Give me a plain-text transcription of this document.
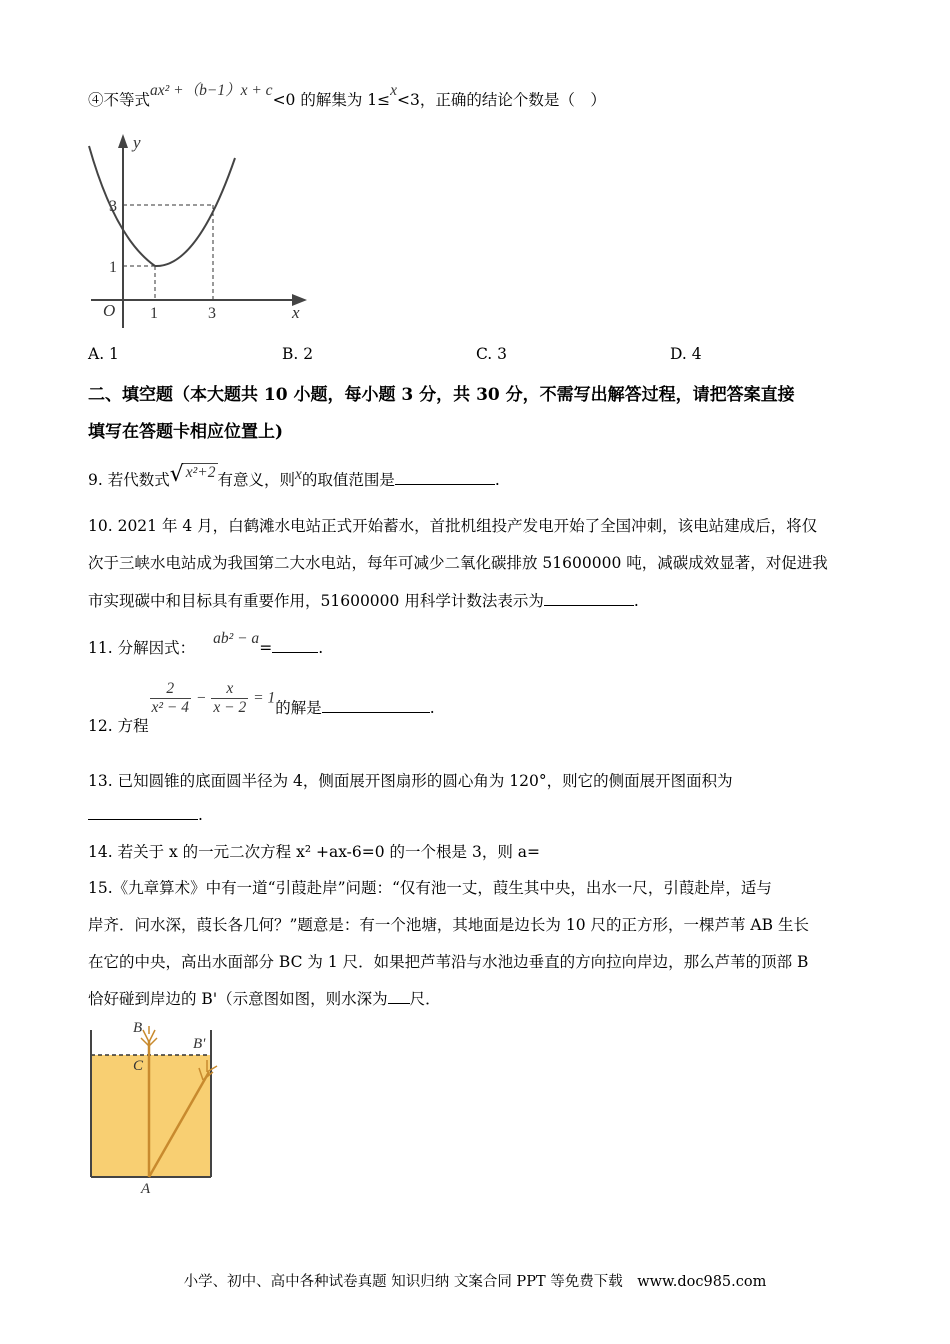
④不等式ax² +（b−1）x + c<0 的解集为 1≤x<3，正确的结论个数是（　）
y
x
O
3
1
1	3
A. 1	B. 2	C. 3	D. 4
二、填空题（本大题共 10 小题，每小题 3 分，共 30 分，不需写出解答过程，请把答案直接
填写在答题卡相应位置上)
9. 若代数式√ x²+2 有意义，则x的取值范围是	.
10. 2021 年 4 月，白鹤滩水电站正式开始蓄水，首批机组投产发电开始了全国冲刺，该电站建成后，将仅
次于三峡水电站成为我国第二大水电站，每年可减少二氧化碳排放 51600000 吨，减碳成效显著，对促进我
市实现碳中和目标具有重要作用，51600000 用科学计数法表示为	.
11. 分解因式：ab² − a=	.
12. 方程
$\frac{2}{\text{x² − 4}} - \frac{x}{x - 2} = 1$的解是	.
13. 已知圆锥的底面圆半径为 4，侧面展开图扇形的圆心角为 120°，则它的侧面展开图面积为
.
14. 若关于 x 的一元二次方程 x² +ax-6=0 的一个根是 3，则 a=
15.《九章算术》中有一道“引葭赴岸”问题：“仅有池一丈，葭生其中央，出水一尺，引葭赴岸，适与
岸齐．问水深，葭长各几何？”题意是：有一个池塘，其地面是边长为 10 尺的正方形，一棵芦苇 AB 生长
在它的中央，高出水面部分 BC 为 1 尺．如果把芦苇沿与水池边垂直的方向拉向岸边，那么芦苇的顶部 B
恰好碰到岸边的 B'（示意图如图，则水深为 尺．
B
B'
C
A
小学、初中、高中各种试卷真题 知识归纳 文案合同 PPT 等免费下载　www.doc985.com
